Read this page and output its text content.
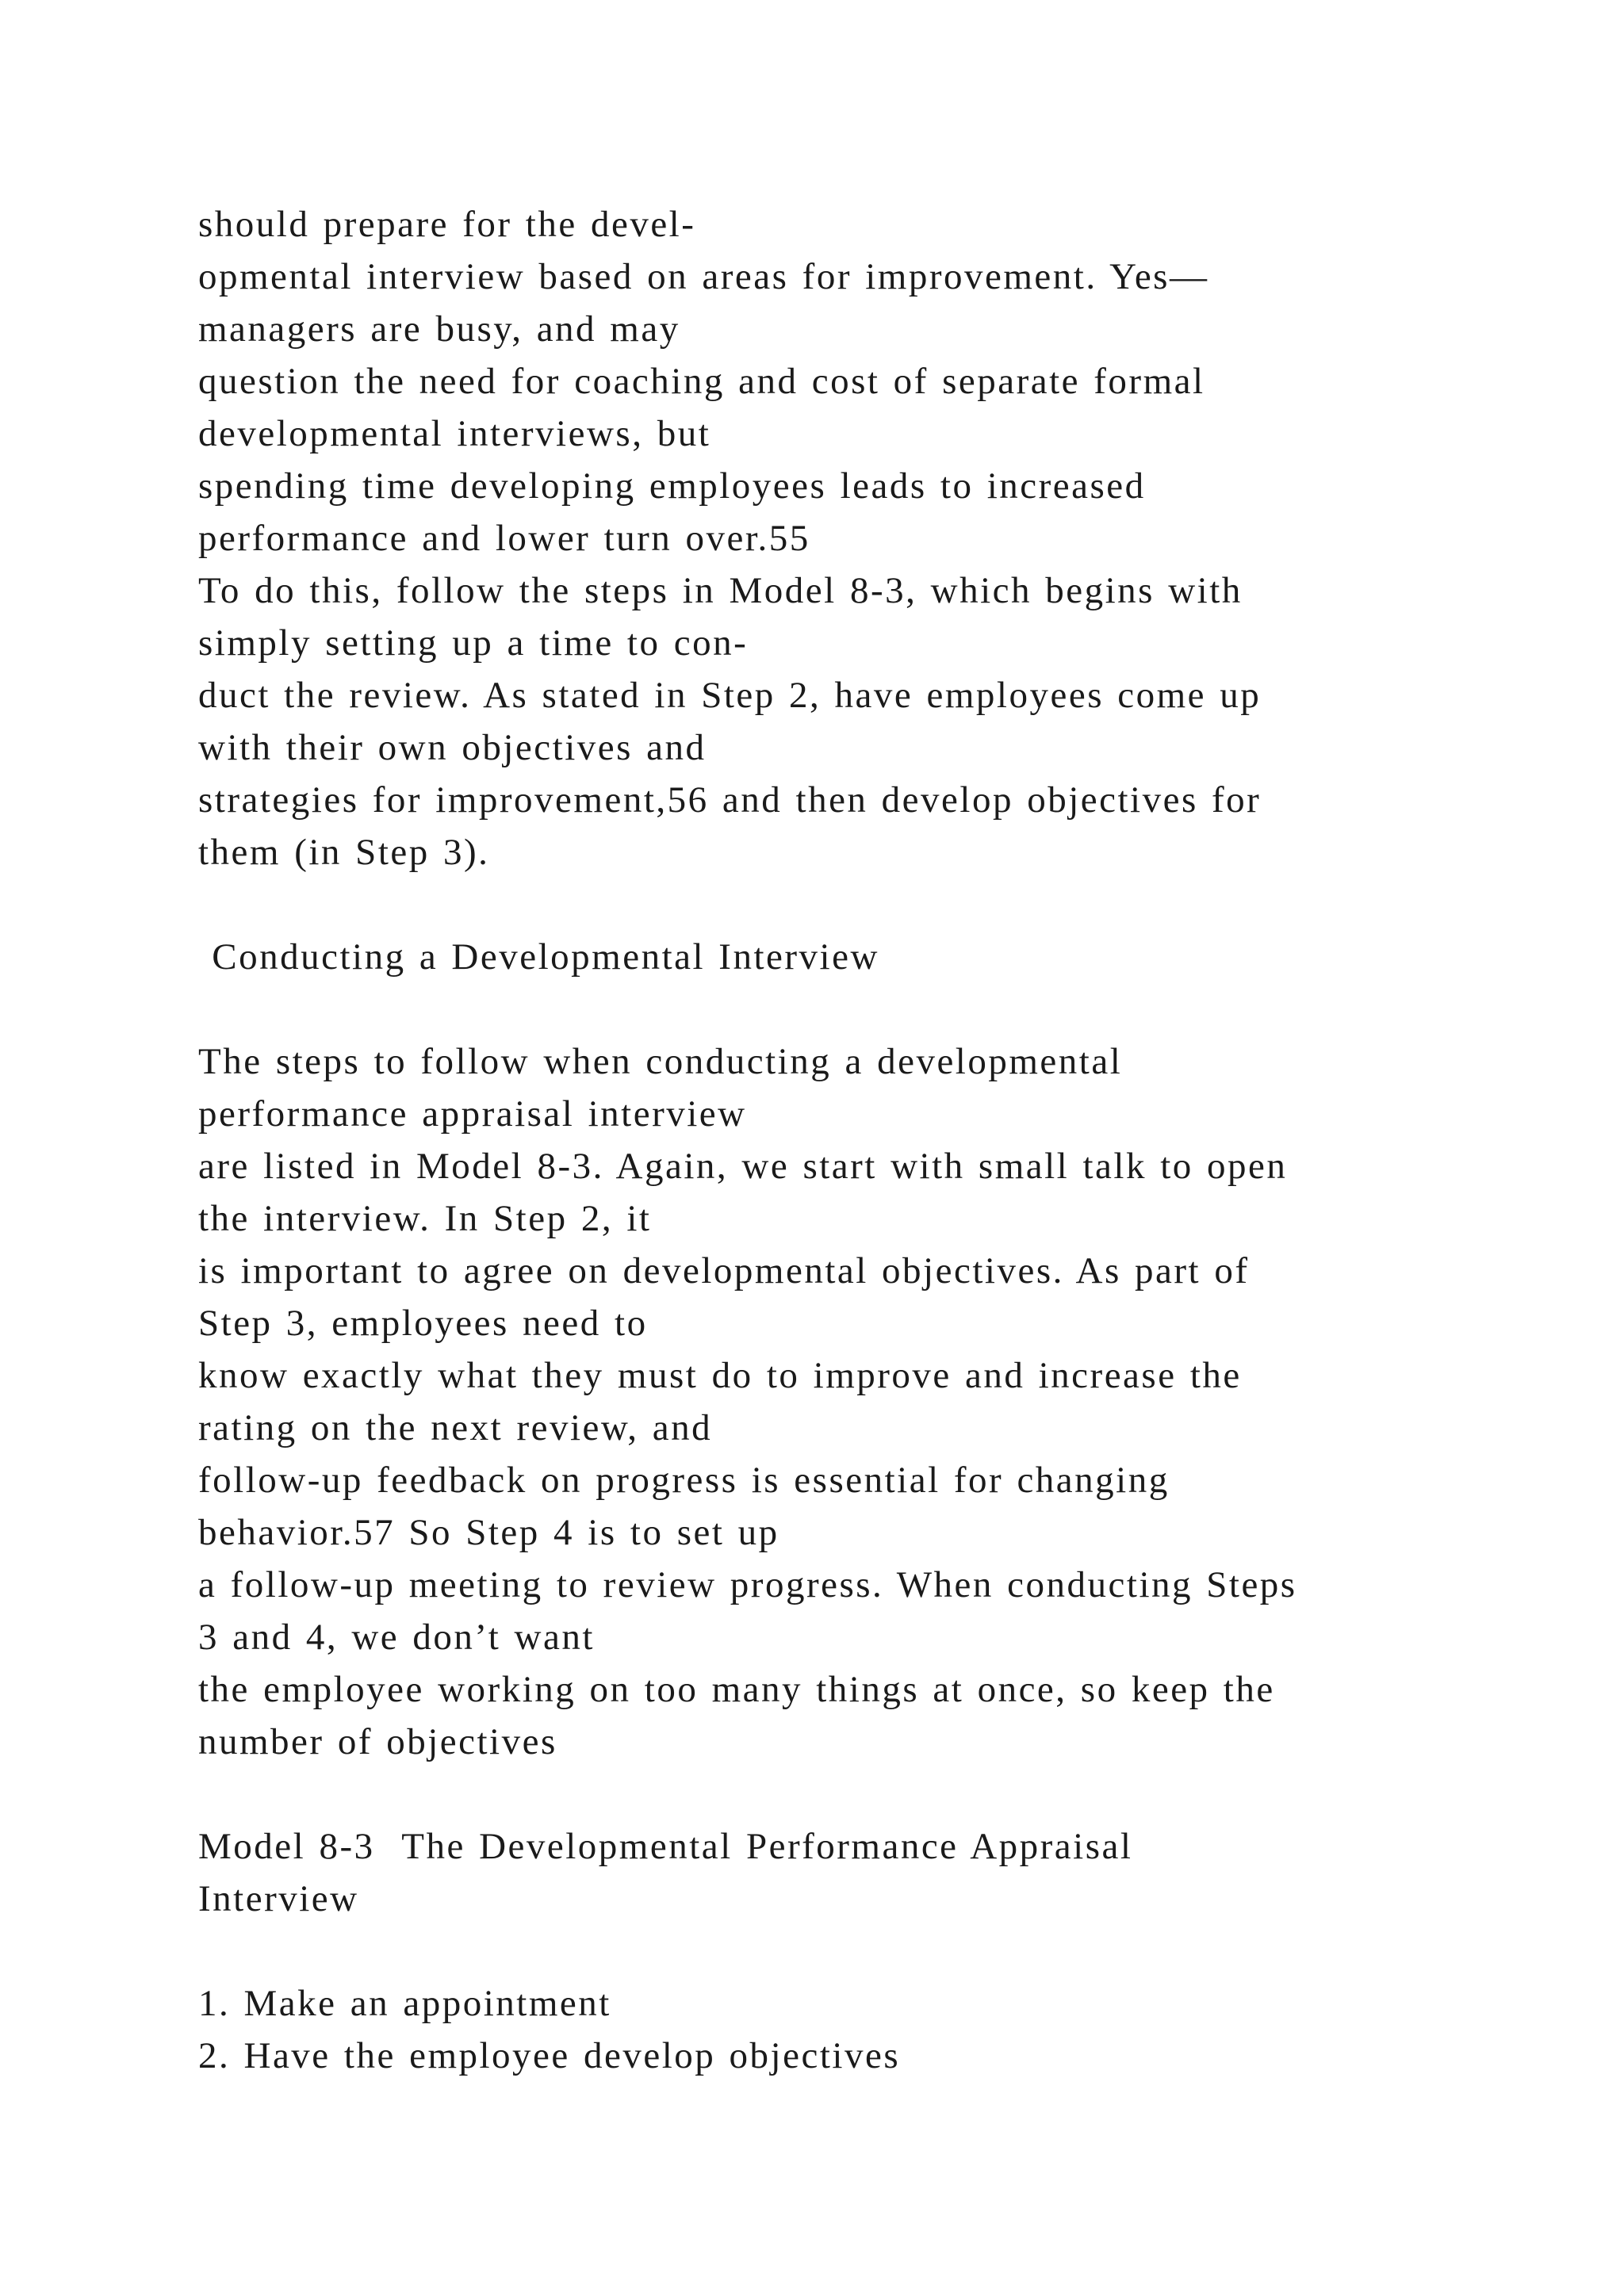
should prepare for the devel-
opmental interview based on areas for improvement. Yes—
managers are busy, and may
question the need for coaching and cost of separate formal
developmental interviews, but
spending time developing employees leads to increased
performance and lower turn over.55
To do this, follow the steps in Model 8-3, which begins with
simply setting up a time to con-
duct the review. As stated in Step 2, have employees come up
with their own objectives and
strategies for improvement,56 and then develop objectives for
them (in Step 3).
Conducting a Developmental Interview
The steps to follow when conducting a developmental
performance appraisal interview
are listed in Model 8-3. Again, we start with small talk to open
the interview. In Step 2, it
is important to agree on developmental objectives. As part of
Step 3, employees need to
know exactly what they must do to improve and increase the
rating on the next review, and
follow-up feedback on progress is essential for changing
behavior.57 So Step 4 is to set up
a follow-up meeting to review progress. When conducting Steps
3 and 4, we don’t want
the employee working on too many things at once, so keep the
number of objectives
Model 8-3  The Developmental Performance Appraisal
Interview
1. Make an appointment
2. Have the employee develop objectives
